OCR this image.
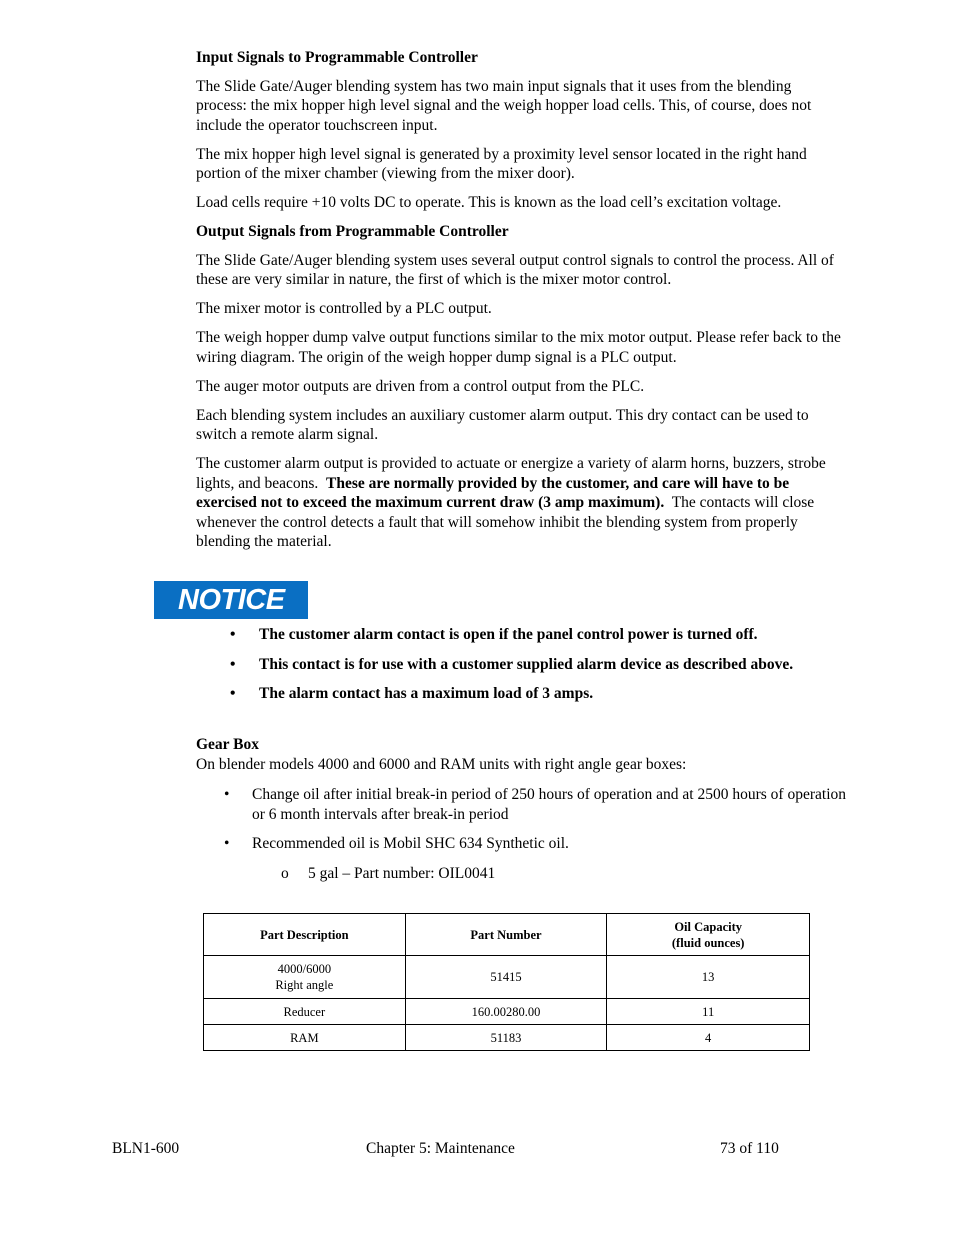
Input Signals to Programmable Controller

The Slide Gate/Auger blending system has two main input signals that it uses from the blending process: the mix hopper high level signal and the weigh hopper load cells. This, of course, does not include the operator touchscreen input.

The mix hopper high level signal is generated by a proximity level sensor located in the right hand portion of the mixer chamber (viewing from the mixer door).

Load cells require +10 volts DC to operate. This is known as the load cell’s excitation voltage.

Output Signals from Programmable Controller

The Slide Gate/Auger blending system uses several output control signals to control the process. All of these are very similar in nature, the first of which is the mixer motor control.

The mixer motor is controlled by a PLC output.

The weigh hopper dump valve output functions similar to the mix motor output. Please refer back to the wiring diagram. The origin of the weigh hopper dump signal is a PLC output.

The auger motor outputs are driven from a control output from the PLC.

Each blending system includes an auxiliary customer alarm output. This dry contact can be used to switch a remote alarm signal.

The customer alarm output is provided to actuate or energize a variety of alarm horns, buzzers, strobe lights, and beacons. These are normally provided by the customer, and care will have to be exercised not to exceed the maximum current draw (3 amp maximum). The contacts will close whenever the control detects a fault that will somehow inhibit the blending system from properly blending the material.

NOTICE
• The customer alarm contact is open if the panel control power is turned off.
• This contact is for use with a customer supplied alarm device as described above.
• The alarm contact has a maximum load of 3 amps.
Gear Box
On blender models 4000 and 6000 and RAM units with right angle gear boxes:
• Change oil after initial break-in period of 250 hours of operation and at 2500 hours of operation or 6 month intervals after break-in period
• Recommended oil is Mobil SHC 634 Synthetic oil.
o 5 gal – Part number: OIL0041
Part Description	Part Number	Oil Capacity
(fluid ounces)
4000/6000
Right angle	51415	13
Reducer	160.00280.00	11
RAM	51183	4
BLN1-600	Chapter 5: Maintenance	73 of 110
